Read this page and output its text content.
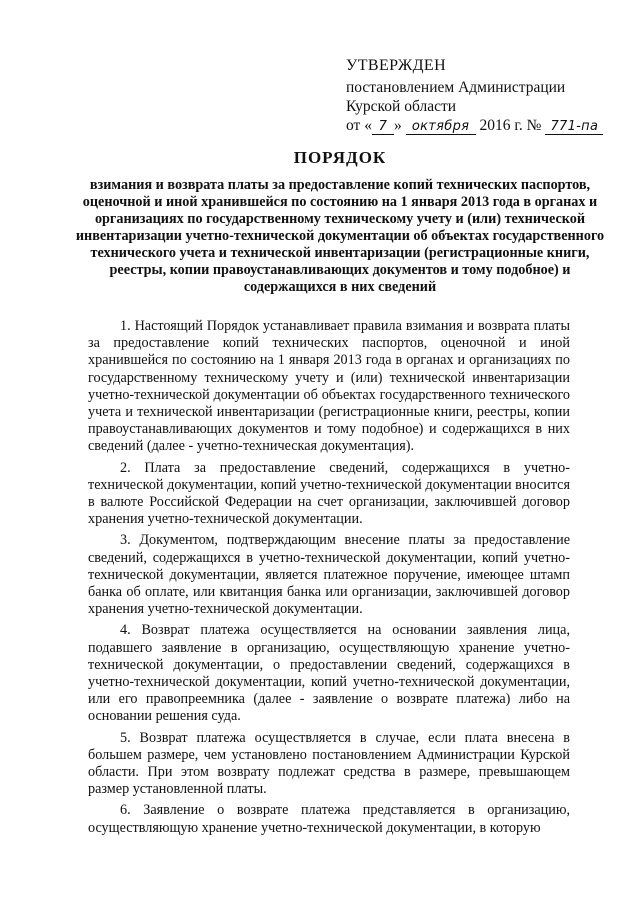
УТВЕРЖДЕН
постановлением Администрации
Курской области
от « 7 » октября 2016 г. № 771-па
ПОРЯДОК
взимания и возврата платы за предоставление копий технических паспортов, оценочной и иной хранившейся по состоянию на 1 января 2013 года в органах и организациях по государственному техническому учету и (или) технической инвентаризации учетно-технической документации об объектах государственного технического учета и технической инвентаризации (регистрационные книги, реестры, копии правоустанавливающих документов и тому подобное) и содержащихся в них сведений

1. Настоящий Порядок устанавливает правила взимания и возврата платы за предоставление копий технических паспортов, оценочной и иной хранившейся по состоянию на 1 января 2013 года в органах и организациях по государственному техническому учету и (или) технической инвентаризации учетно-технической документации об объектах государственного технического учета и технической инвентаризации (регистрационные книги, реестры, копии правоустанавливающих документов и тому подобное) и содержащихся в них сведений (далее - учетно-техническая документация).

2. Плата за предоставление сведений, содержащихся в учетно-технической документации, копий учетно-технической документации вносится в валюте Российской Федерации на счет организации, заключившей договор хранения учетно-технической документации.

3. Документом, подтверждающим внесение платы за предоставление сведений, содержащихся в учетно-технической документации, копий учетно-технической документации, является платежное поручение, имеющее штамп банка об оплате, или квитанция банка или организации, заключившей договор хранения учетно-технической документации.

4. Возврат платежа осуществляется на основании заявления лица, подавшего заявление в организацию, осуществляющую хранение учетно-технической документации, о предоставлении сведений, содержащихся в учетно-технической документации, копий учетно-технической документации, или его правопреемника (далее - заявление о возврате платежа) либо на основании решения суда.

5. Возврат платежа осуществляется в случае, если плата внесена в большем размере, чем установлено постановлением Администрации Курской области. При этом возврату подлежат средства в размере, превышающем размер установленной платы.

6. Заявление о возврате платежа представляется в организацию, осуществляющую хранение учетно-технической документации, в которую
